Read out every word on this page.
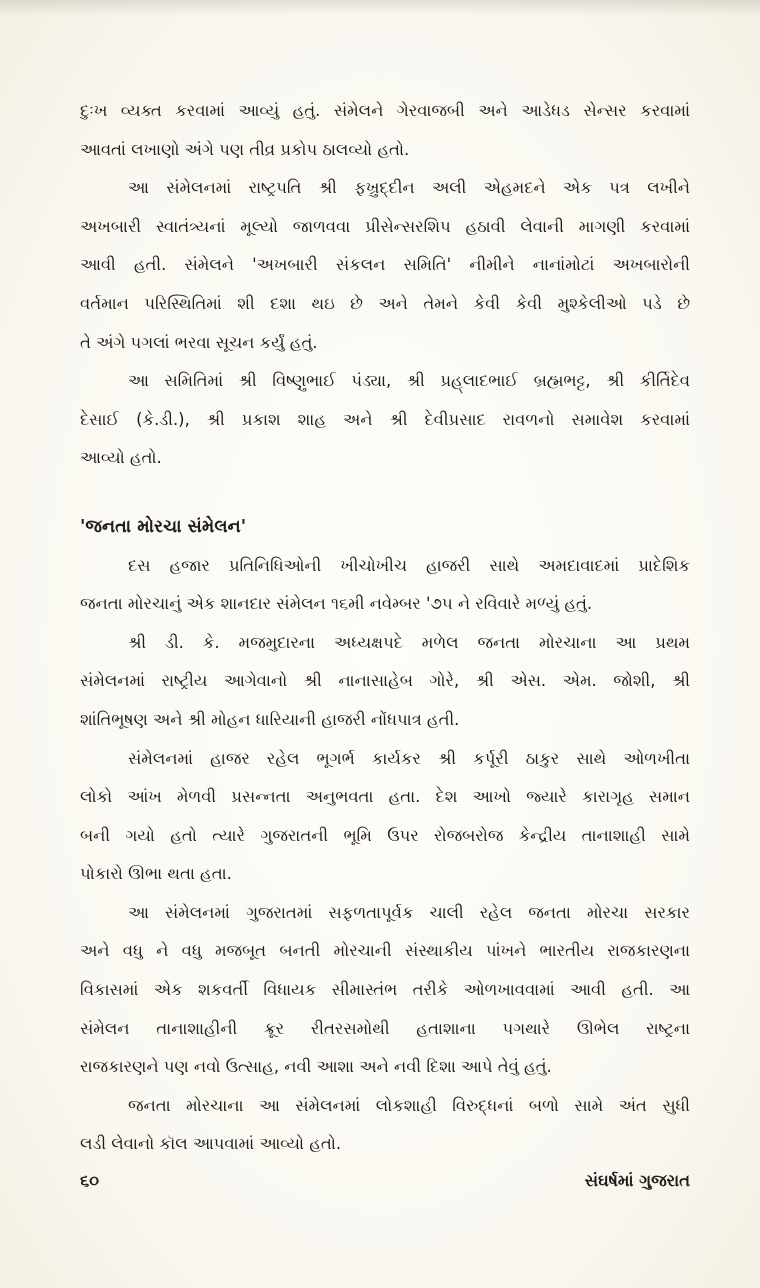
દુઃખ વ્યક્ત કરવામાં આવ્યું હતું. સંમેલને ગેરવાજબી અને આડેધડ સેન્સર કરવામાં
આવતાં લખાણો અંગે પણ તીવ્ર પ્રકોપ ઠાલવ્યો હતો.
આ સંમેલનમાં રાષ્ટ્રપતિ શ્રી ફખ્રુદ્દીન અલી એહમદને એક પત્ર લખીને
અખબારી સ્વાતંત્ર્યનાં મૂલ્યો જાળવવા પ્રીસેન્સરશિપ હઠાવી લેવાની માગણી કરવામાં
આવી હતી. સંમેલને 'અખબારી સંકલન સમિતિ' નીમીને નાનાંમોટાં અખબારોની
વર્તમાન પરિસ્થિતિમાં શી દશા થઇ છે અને તેમને કેવી કેવી મુશ્કેલીઓ પડે છે
તે અંગે પગલાં ભરવા સૂચન કર્યું હતું.
આ સમિતિમાં શ્રી વિષ્ણુભાઈ પંડ્યા, શ્રી પ્રહ્‌લાદભાઈ બ્રહ્મભટ્ટ, શ્રી કીર્તિદેવ
દેસાઈ (કે.ડી.), શ્રી પ્રકાશ શાહ અને શ્રી દેવીપ્રસાદ રાવળનો સમાવેશ કરવામાં
આવ્યો હતો.
'જનતા મોરચા સંમેલન'
દસ હજાર પ્રતિનિધિઓની ખીચોખીચ હાજરી સાથે અમદાવાદમાં પ્રાદેશિક
જનતા મોરચાનું એક શાનદાર સંમેલન ૧૬મી નવેમ્બર '૭૫ ને રવિવારે મળ્યું હતું.
શ્રી ડી. કે. મજમુદારના અધ્યક્ષપદે મળેલ જનતા મોરચાના આ પ્રથમ
સંમેલનમાં રાષ્ટ્રીય આગેવાનો શ્રી નાનાસાહેબ ગોરે, શ્રી એસ. એમ. જોશી, શ્રી
શાંતિભૂષણ અને શ્રી મોહન ધારિયાની હાજરી નોંધપાત્ર હતી.
સંમેલનમાં હાજર રહેલ ભૂગર્ભ કાર્યકર શ્રી કર્પૂરી ઠાકુર સાથે ઓળખીતા
લોકો આંખ મેળવી પ્રસન્નતા અનુભવતા હતા. દેશ આખો જ્યારે કારાગૃહ સમાન
બની ગયો હતો ત્યારે ગુજરાતની ભૂમિ ઉપર રોજબરોજ કેન્દ્રીય તાનાશાહી સામે
પોકારો ઊભા થતા હતા.
આ સંમેલનમાં ગુજરાતમાં સફળતાપૂર્વક ચાલી રહેલ જનતા મોરચા સરકાર
અને વધુ ને વધુ મજબૂત બનતી મોરચાની સંસ્થાકીય પાંખને ભારતીય રાજકારણના
વિકાસમાં એક શકવર્તી વિધાયક સીમાસ્તંભ તરીકે ઓળખાવવામાં આવી હતી. આ
સંમેલન તાનાશાહીની ક્રૂર રીતરસમોથી હતાશાના પગથારે ઊભેલ રાષ્ટ્રના
રાજકારણને પણ નવો ઉત્સાહ, નવી આશા અને નવી દિશા આપે તેવું હતું.
જનતા મોરચાના આ સંમેલનમાં લોકશાહી વિરુદ્ધનાં બળો સામે અંત સુધી
લડી લેવાનો કૉલ આપવામાં આવ્યો હતો.
૬૦	સંઘર્ષમાં ગુજરાત
